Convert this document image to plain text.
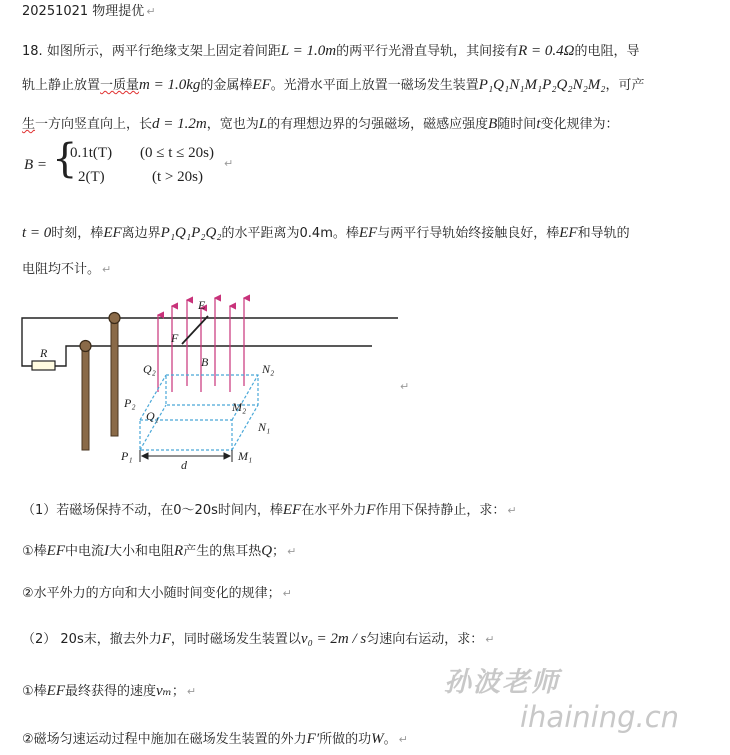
20251021 物理提优 ↵
18. 如图所示，两平行绝缘支架上固定着间距L = 1.0m的两平行光滑直导轨，其间接有R = 0.4Ω的电阻，导
轨上静止放置一质量m = 1.0kg的金属棒EF。光滑水平面上放置一磁场发生装置P₁Q₁N₁M₁P₂Q₂N₂M₂，可产
生一方向竖直向上，长d = 1.2m，宽也为L的有理想边界的匀强磁场，磁感应强度B随时间t变化规律为：
B = {
0.1t(T) (0 ≤ t ≤ 20s)
2(T)	(t > 20s)
↵
t = 0时刻，棒EF离边界P₁Q₁P₂Q₂的水平距离为0.4m。棒EF与两平行导轨始终接触良好，棒EF和导轨的
电阻均不计。 ↵
E
F
R
B
Q₂	N₂
P₂	M₂
Q₁
N₁
P₁	M₁
d
↵
（1）若磁场保持不动，在0～20s时间内，棒EF在水平外力F作用下保持静止，求： ↵
①棒EF中电流I大小和电阻R产生的焦耳热Q； ↵
②水平外力的方向和大小随时间变化的规律； ↵
（2） 20s末，撤去外力F，同时磁场发生装置以v₀ = 2m / s匀速向右运动，求： ↵
①棒EF最终获得的速度vₘ； ↵
②磁场匀速运动过程中施加在磁场发生装置的外力F′所做的功W。 ↵
孙波老师
ihaining.cn
